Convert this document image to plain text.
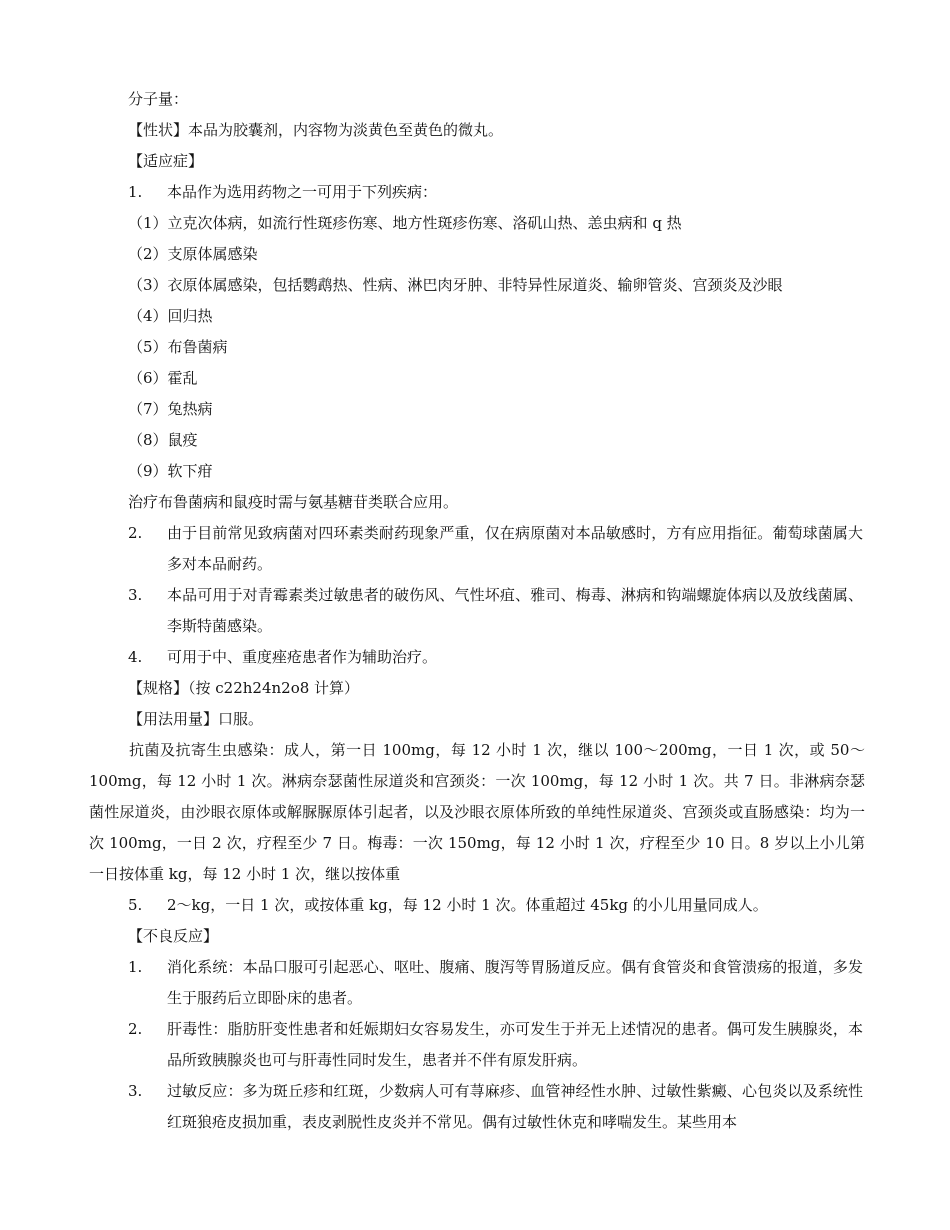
分子量：
【性状】本品为胶囊剂，内容物为淡黄色至黄色的微丸。
【适应症】
1.	本品作为选用药物之一可用于下列疾病：
（1）立克次体病，如流行性斑疹伤寒、地方性斑疹伤寒、洛矶山热、恙虫病和 q 热
（2）支原体属感染
（3）衣原体属感染，包括鹦鹉热、性病、淋巴肉牙肿、非特异性尿道炎、输卵管炎、宫颈炎及沙眼
（4）回归热
（5）布鲁菌病
（6）霍乱
（7）兔热病
（8）鼠疫
（9）软下疳
治疗布鲁菌病和鼠疫时需与氨基糖苷类联合应用。
2.	由于目前常见致病菌对四环素类耐药现象严重，仅在病原菌对本品敏感时，方有应用指征。葡萄球菌属大多对本品耐药。
3.	本品可用于对青霉素类过敏患者的破伤风、气性坏疽、雅司、梅毒、淋病和钩端螺旋体病以及放线菌属、李斯特菌感染。
4.	可用于中、重度痤疮患者作为辅助治疗。
【规格】（按 c22h24n2o8 计算）
【用法用量】口服。
抗菌及抗寄生虫感染：成人，第一日 100mg，每 12 小时 1 次，继以 100～200mg，一日 1 次，或 50～100mg，每 12 小时 1 次。淋病奈瑟菌性尿道炎和宫颈炎：一次 100mg，每 12 小时 1 次。共 7 日。非淋病奈瑟菌性尿道炎，由沙眼衣原体或解脲脲原体引起者，以及沙眼衣原体所致的单纯性尿道炎、宫颈炎或直肠感染：均为一次 100mg，一日 2 次，疗程至少 7 日。梅毒：一次 150mg，每 12 小时 1 次，疗程至少 10 日。8 岁以上小儿第一日按体重 kg，每 12 小时 1 次，继以按体重
5.	2～kg，一日 1 次，或按体重 kg，每 12 小时 1 次。体重超过 45kg 的小儿用量同成人。
【不良反应】
1.	消化系统：本品口服可引起恶心、呕吐、腹痛、腹泻等胃肠道反应。偶有食管炎和食管溃疡的报道，多发生于服药后立即卧床的患者。
2.	肝毒性：脂肪肝变性患者和妊娠期妇女容易发生，亦可发生于并无上述情况的患者。偶可发生胰腺炎，本品所致胰腺炎也可与肝毒性同时发生，患者并不伴有原发肝病。
3.	过敏反应：多为斑丘疹和红斑，少数病人可有荨麻疹、血管神经性水肿、过敏性紫癜、心包炎以及系统性红斑狼疮皮损加重，表皮剥脱性皮炎并不常见。偶有过敏性休克和哮喘发生。某些用本
